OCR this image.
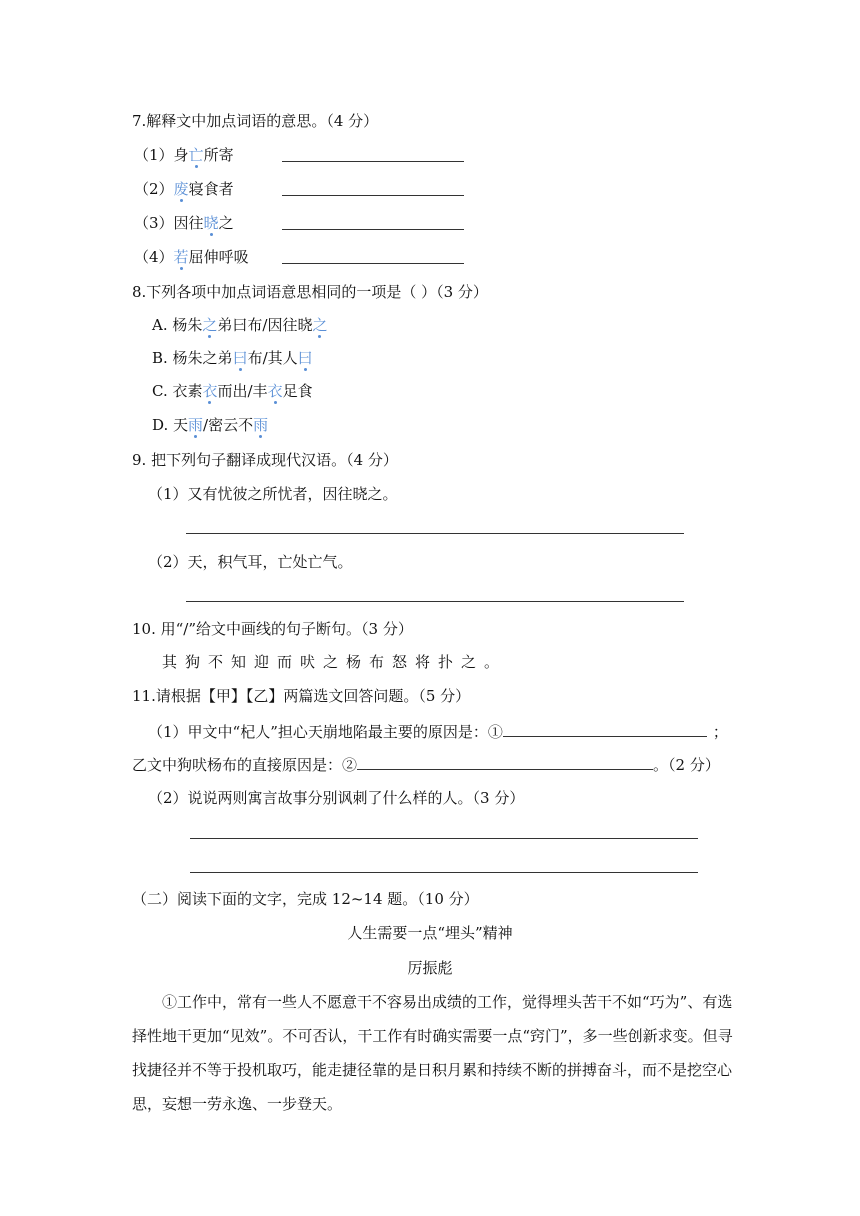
7.解释文中加点词语的意思。（4 分）
（1）身亡所寄
（2）废寝食者
（3）因往晓之
（4）若屈伸呼吸
8.下列各项中加点词语意思相同的一项是（ ）（3 分）
A. 杨朱之弟曰布/因往晓之
B. 杨朱之弟曰布/其人曰
C. 衣素衣而出/丰衣足食
D. 天雨/密云不雨
9. 把下列句子翻译成现代汉语。（4 分）
（1）又有忧彼之所忧者，因往晓之。
（2）天，积气耳，亡处亡气。
10. 用“/”给文中画线的句子断句。（3 分）
其狗不知迎而吠之杨布怒将扑之。
11.请根据【甲】【乙】两篇选文回答问题。（5 分）
（1）甲文中“杞人”担心天崩地陷最主要的原因是：①	；
乙文中狗吠杨布的直接原因是：②	。（2 分）
（2）说说两则寓言故事分别讽刺了什么样的人。（3 分）
（二）阅读下面的文字，完成 12~14 题。（10 分）
人生需要一点“埋头”精神
厉振彪
①工作中，常有一些人不愿意干不容易出成绩的工作，觉得埋头苦干不如“巧为”、有选
择性地干更加“见效”。不可否认，干工作有时确实需要一点“窍门”，多一些创新求变。但寻
找捷径并不等于投机取巧，能走捷径靠的是日积月累和持续不断的拼搏奋斗，而不是挖空心
思，妄想一劳永逸、一步登天。
